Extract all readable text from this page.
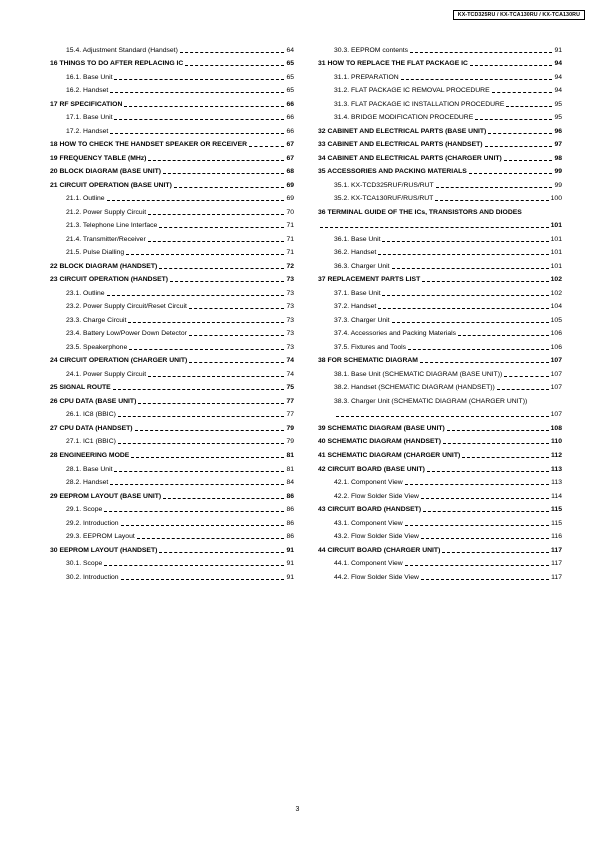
KX-TCD325RU / KX-TCA130RU / KX-TCA130RU
15.4. Adjustment Standard (Handset)	64
16 THINGS TO DO AFTER REPLACING IC	65
16.1. Base Unit	65
16.2. Handset	65
17 RF SPECIFICATION	66
17.1. Base Unit	66
17.2. Handset	66
18 HOW TO CHECK THE HANDSET SPEAKER OR RECEIVER	67
19 FREQUENCY TABLE (MHz)	67
20 BLOCK DIAGRAM (BASE UNIT)	68
21 CIRCUIT OPERATION (BASE UNIT)	69
21.1. Outline	69
21.2. Power Supply Circuit	70
21.3. Telephone Line Interface	71
21.4. Transmitter/Receiver	71
21.5. Pulse Dialling	71
22 BLOCK DIAGRAM (HANDSET)	72
23 CIRCUIT OPERATION (HANDSET)	73
23.1. Outline	73
23.2. Power Supply Circuit/Reset Circuit	73
23.3. Charge Circuit	73
23.4. Battery Low/Power Down Detector	73
23.5. Speakerphone	73
24 CIRCUIT OPERATION (CHARGER UNIT)	74
24.1. Power Supply Circuit	74
25 SIGNAL ROUTE	75
26 CPU DATA (BASE UNIT)	77
26.1. IC8 (BBIC)	77
27 CPU DATA (HANDSET)	79
27.1. IC1 (BBIC)	79
28 ENGINEERING MODE	81
28.1. Base Unit	81
28.2. Handset	84
29 EEPROM LAYOUT (BASE UNIT)	86
29.1. Scope	86
29.2. Introduction	86
29.3. EEPROM Layout	86
30 EEPROM LAYOUT (HANDSET)	91
30.1. Scope	91
30.2. Introduction	91
30.3. EEPROM contents	91
31 HOW TO REPLACE THE FLAT PACKAGE IC	94
31.1. PREPARATION	94
31.2. FLAT PACKAGE IC REMOVAL PROCEDURE	94
31.3. FLAT PACKAGE IC INSTALLATION PROCEDURE	95
31.4. BRIDGE MODIFICATION PROCEDURE	95
32 CABINET AND ELECTRICAL PARTS (BASE UNIT)	96
33 CABINET AND ELECTRICAL PARTS (HANDSET)	97
34 CABINET AND ELECTRICAL PARTS (CHARGER UNIT)	98
35 ACCESSORIES AND PACKING MATERIALS	99
35.1. KX-TCD325RUF/RUS/RUT	99
35.2. KX-TCA130RUF/RUS/RUT	100
36 TERMINAL GUIDE OF THE ICs, TRANSISTORS AND DIODES
101
36.1. Base Unit	101
36.2. Handset	101
36.3. Charger Unit	101
37 REPLACEMENT PARTS LIST	102
37.1. Base Unit	102
37.2. Handset	104
37.3. Charger Unit	105
37.4. Accessories and Packing Materials	106
37.5. Fixtures and Tools	106
38 FOR SCHEMATIC DIAGRAM	107
38.1. Base Unit (SCHEMATIC DIAGRAM (BASE UNIT))	107
38.2. Handset (SCHEMATIC DIAGRAM (HANDSET))	107
38.3. Charger Unit (SCHEMATIC DIAGRAM (CHARGER UNIT))
107
39 SCHEMATIC DIAGRAM (BASE UNIT)	108
40 SCHEMATIC DIAGRAM (HANDSET)	110
41 SCHEMATIC DIAGRAM (CHARGER UNIT)	112
42 CIRCUIT BOARD (BASE UNIT)	113
42.1. Component View	113
42.2. Flow Solder Side View	114
43 CIRCUIT BOARD (HANDSET)	115
43.1. Component View	115
43.2. Flow Solder Side View	116
44 CIRCUIT BOARD (CHARGER UNIT)	117
44.1. Component View	117
44.2. Flow Solder Side View	117
3
